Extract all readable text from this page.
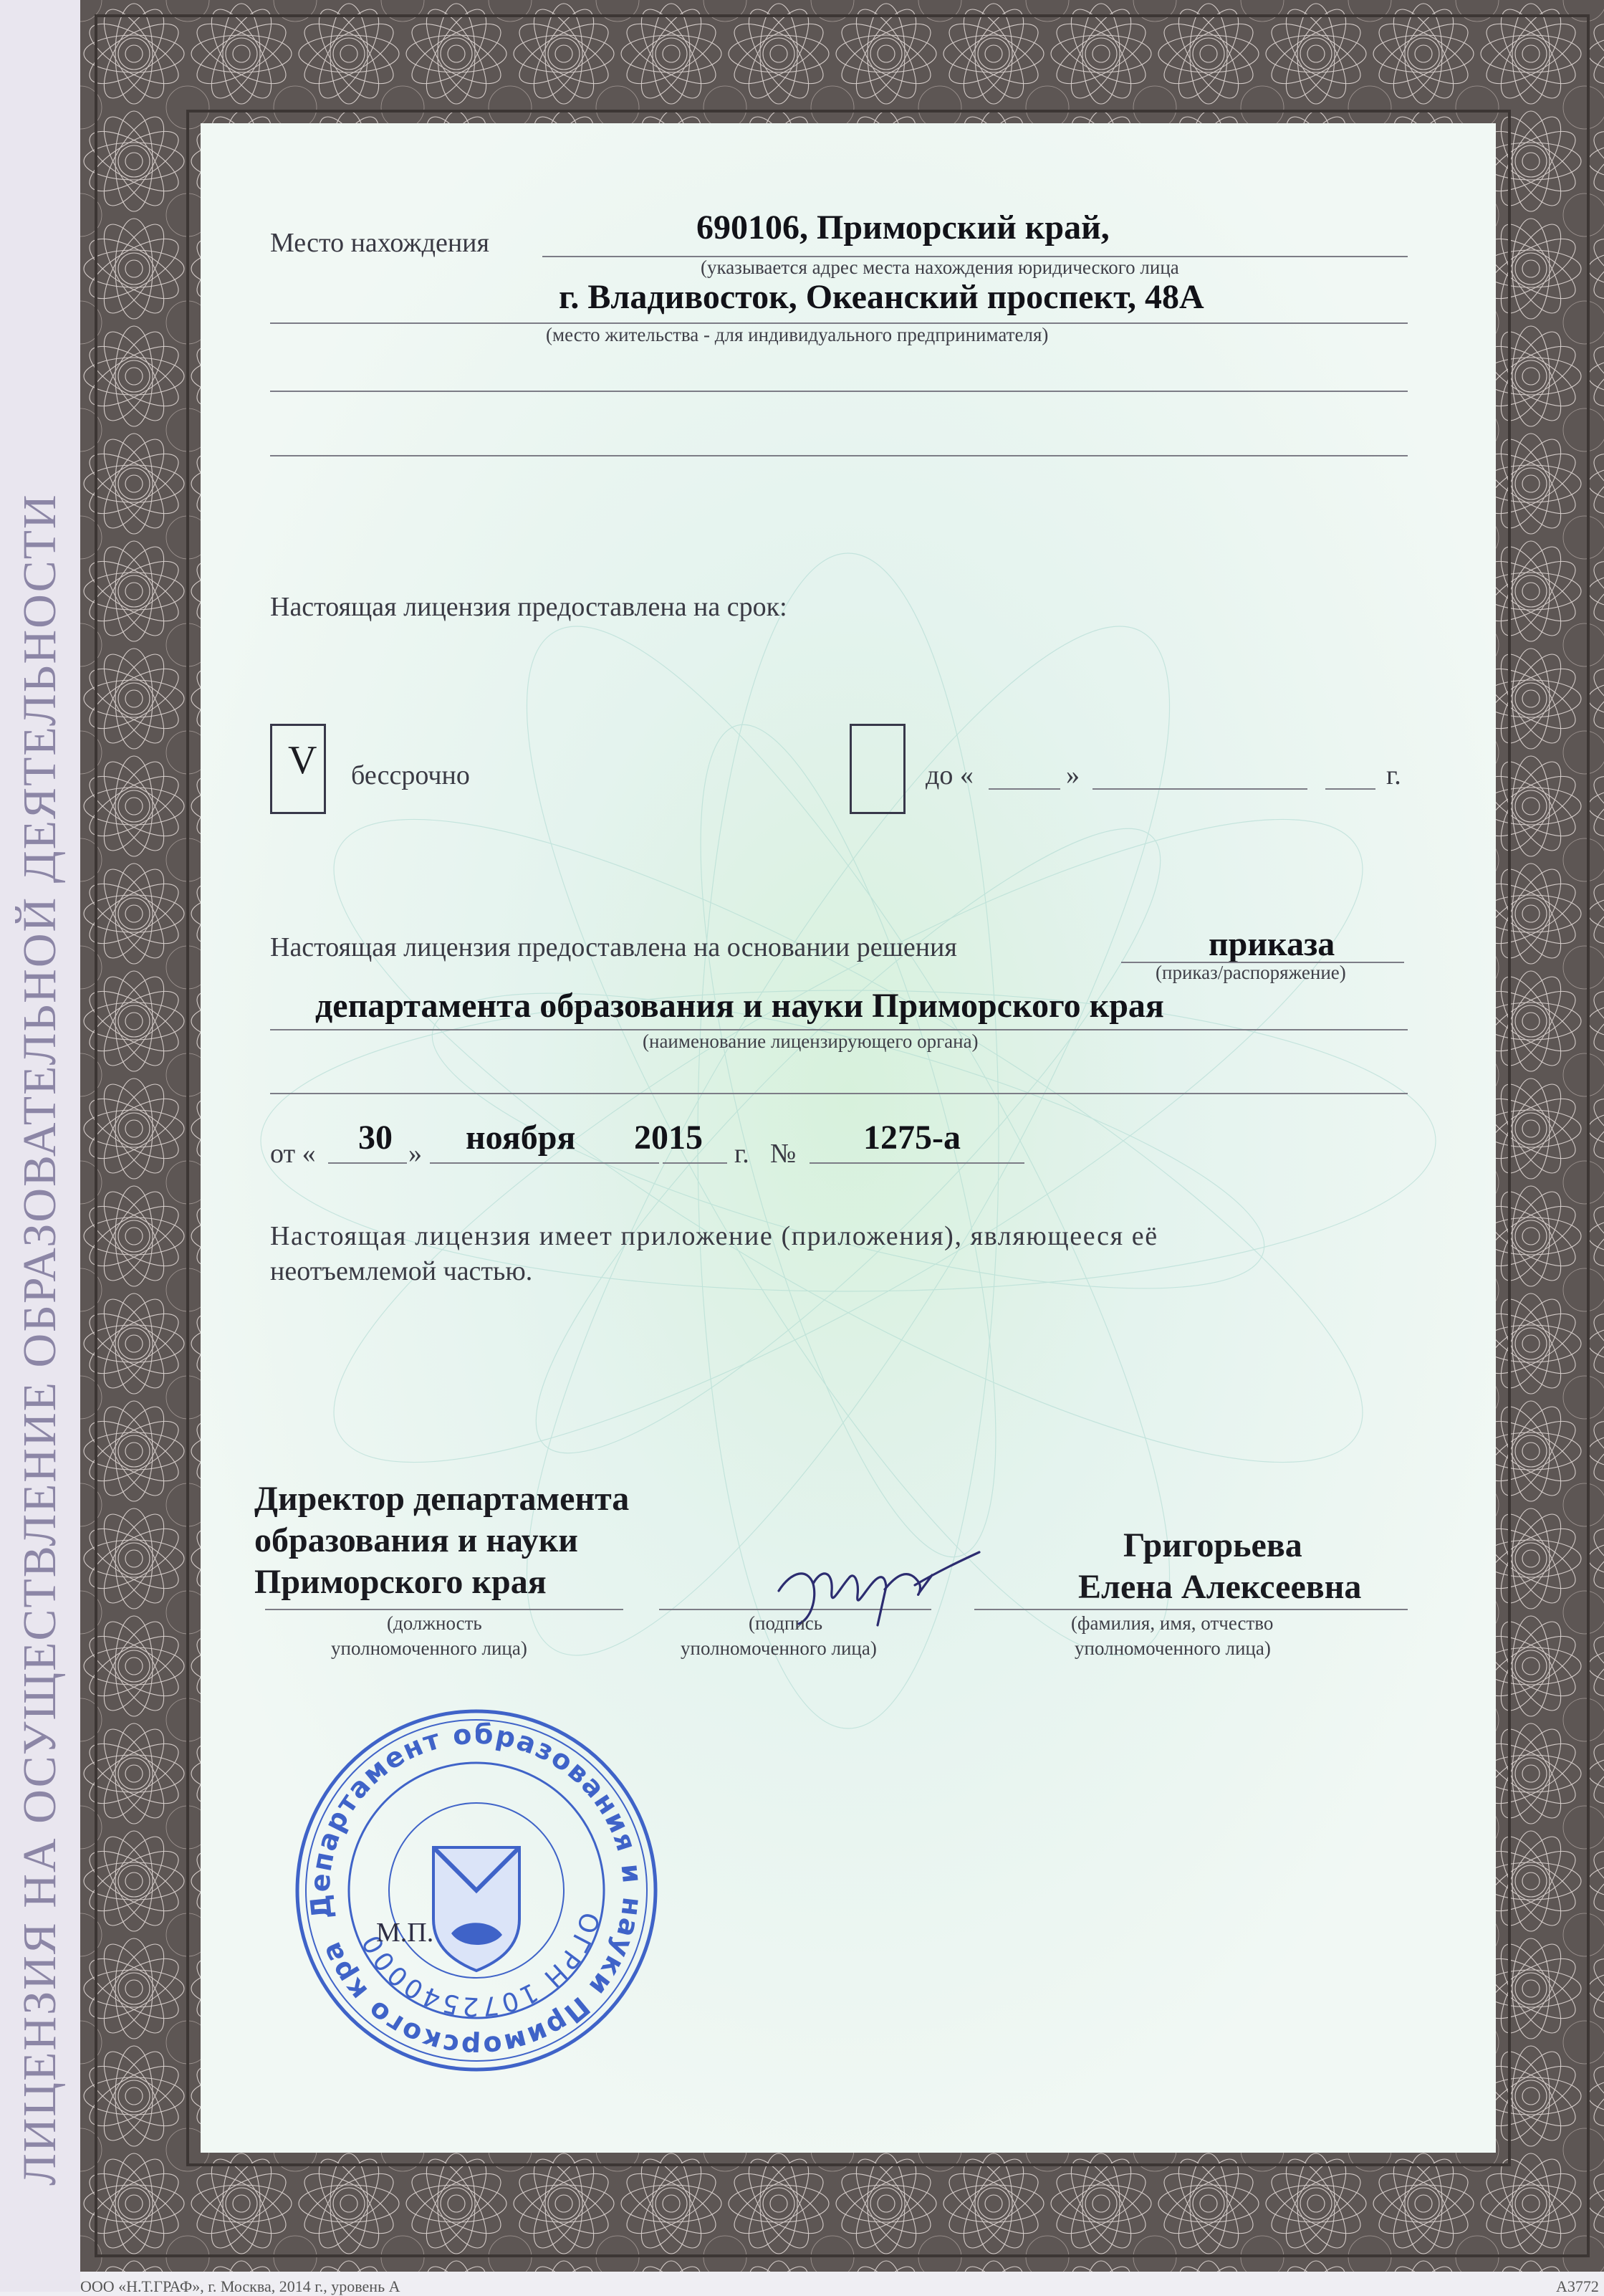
ЛИЦЕНЗИЯ НА ОСУЩЕСТВЛЕНИЕ ОБРАЗОВАТЕЛЬНОЙ ДЕЯТЕЛЬНОСТИ
Место нахождения	690106, Приморский край,
(указывается адрес места нахождения юридического лица
г. Владивосток, Океанский проспект, 48А
(место жительства - для индивидуального предпринимателя)
Настоящая лицензия предоставлена на срок:
V бессрочно	до «	»	г.
Настоящая лицензия предоставлена на основании решения	приказа
(приказ/распоряжение)
департамента образования и науки Приморского края
(наименование лицензирующего органа)
от « 30 » ноября 2015 г. № 1275-а
Настоящая лицензия имеет приложение (приложения), являющееся её
неотъемлемой частью.
Директор департамента
образования и науки
Приморского края
(должность
уполномоченного лица)
(подпись
уполномоченного лица)
Григорьева
Елена Алексеевна
(фамилия, имя, отчество
уполномоченного лица)
Департамент образования и науки Приморского края
ОГРН 1072540000170
М.П.
ООО «Н.Т.ГРАФ», г. Москва, 2014 г., уровень А	А3772
